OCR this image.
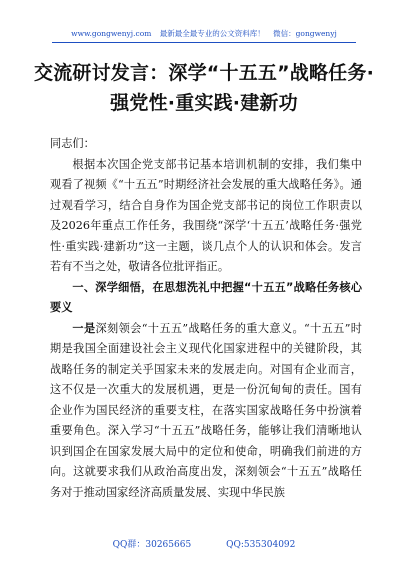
www.gongwenyj.com 最新最全最专业的公文资料库！ 微信：gongwenyj
交流研讨发言：深学“十五五”战略任务·强党性·重实践·建新功

同志们：

根据本次国企党支部书记基本培训机制的安排，我们集中观看了视频《“十五五”时期经济社会发展的重大战略任务》。通过观看学习，结合自身作为国企党支部书记的岗位工作职责以及2026年重点工作任务，我围绕“深学‘十五五’战略任务·强党性·重实践·建新功”这一主题，谈几点个人的认识和体会。发言若有不当之处，敬请各位批评指正。

一、深学细悟，在思想洗礼中把握“十五五”战略任务核心要义

一是深刻领会“十五五”战略任务的重大意义。“十五五”时期是我国全面建设社会主义现代化国家进程中的关键阶段，其战略任务的制定关乎国家未来的发展走向。对国有企业而言，这不仅是一次重大的发展机遇，更是一份沉甸甸的责任。国有企业作为国民经济的重要支柱，在落实国家战略任务中扮演着重要角色。深入学习“十五五”战略任务，能够让我们清晰地认识到国企在国家发展大局中的定位和使命，明确我们前进的方向。这就要求我们从政治高度出发，深刻领会“十五五”战略任务对于推动国家经济高质量发展、实现中华民族

QQ群：30265665	QQ:535304092
